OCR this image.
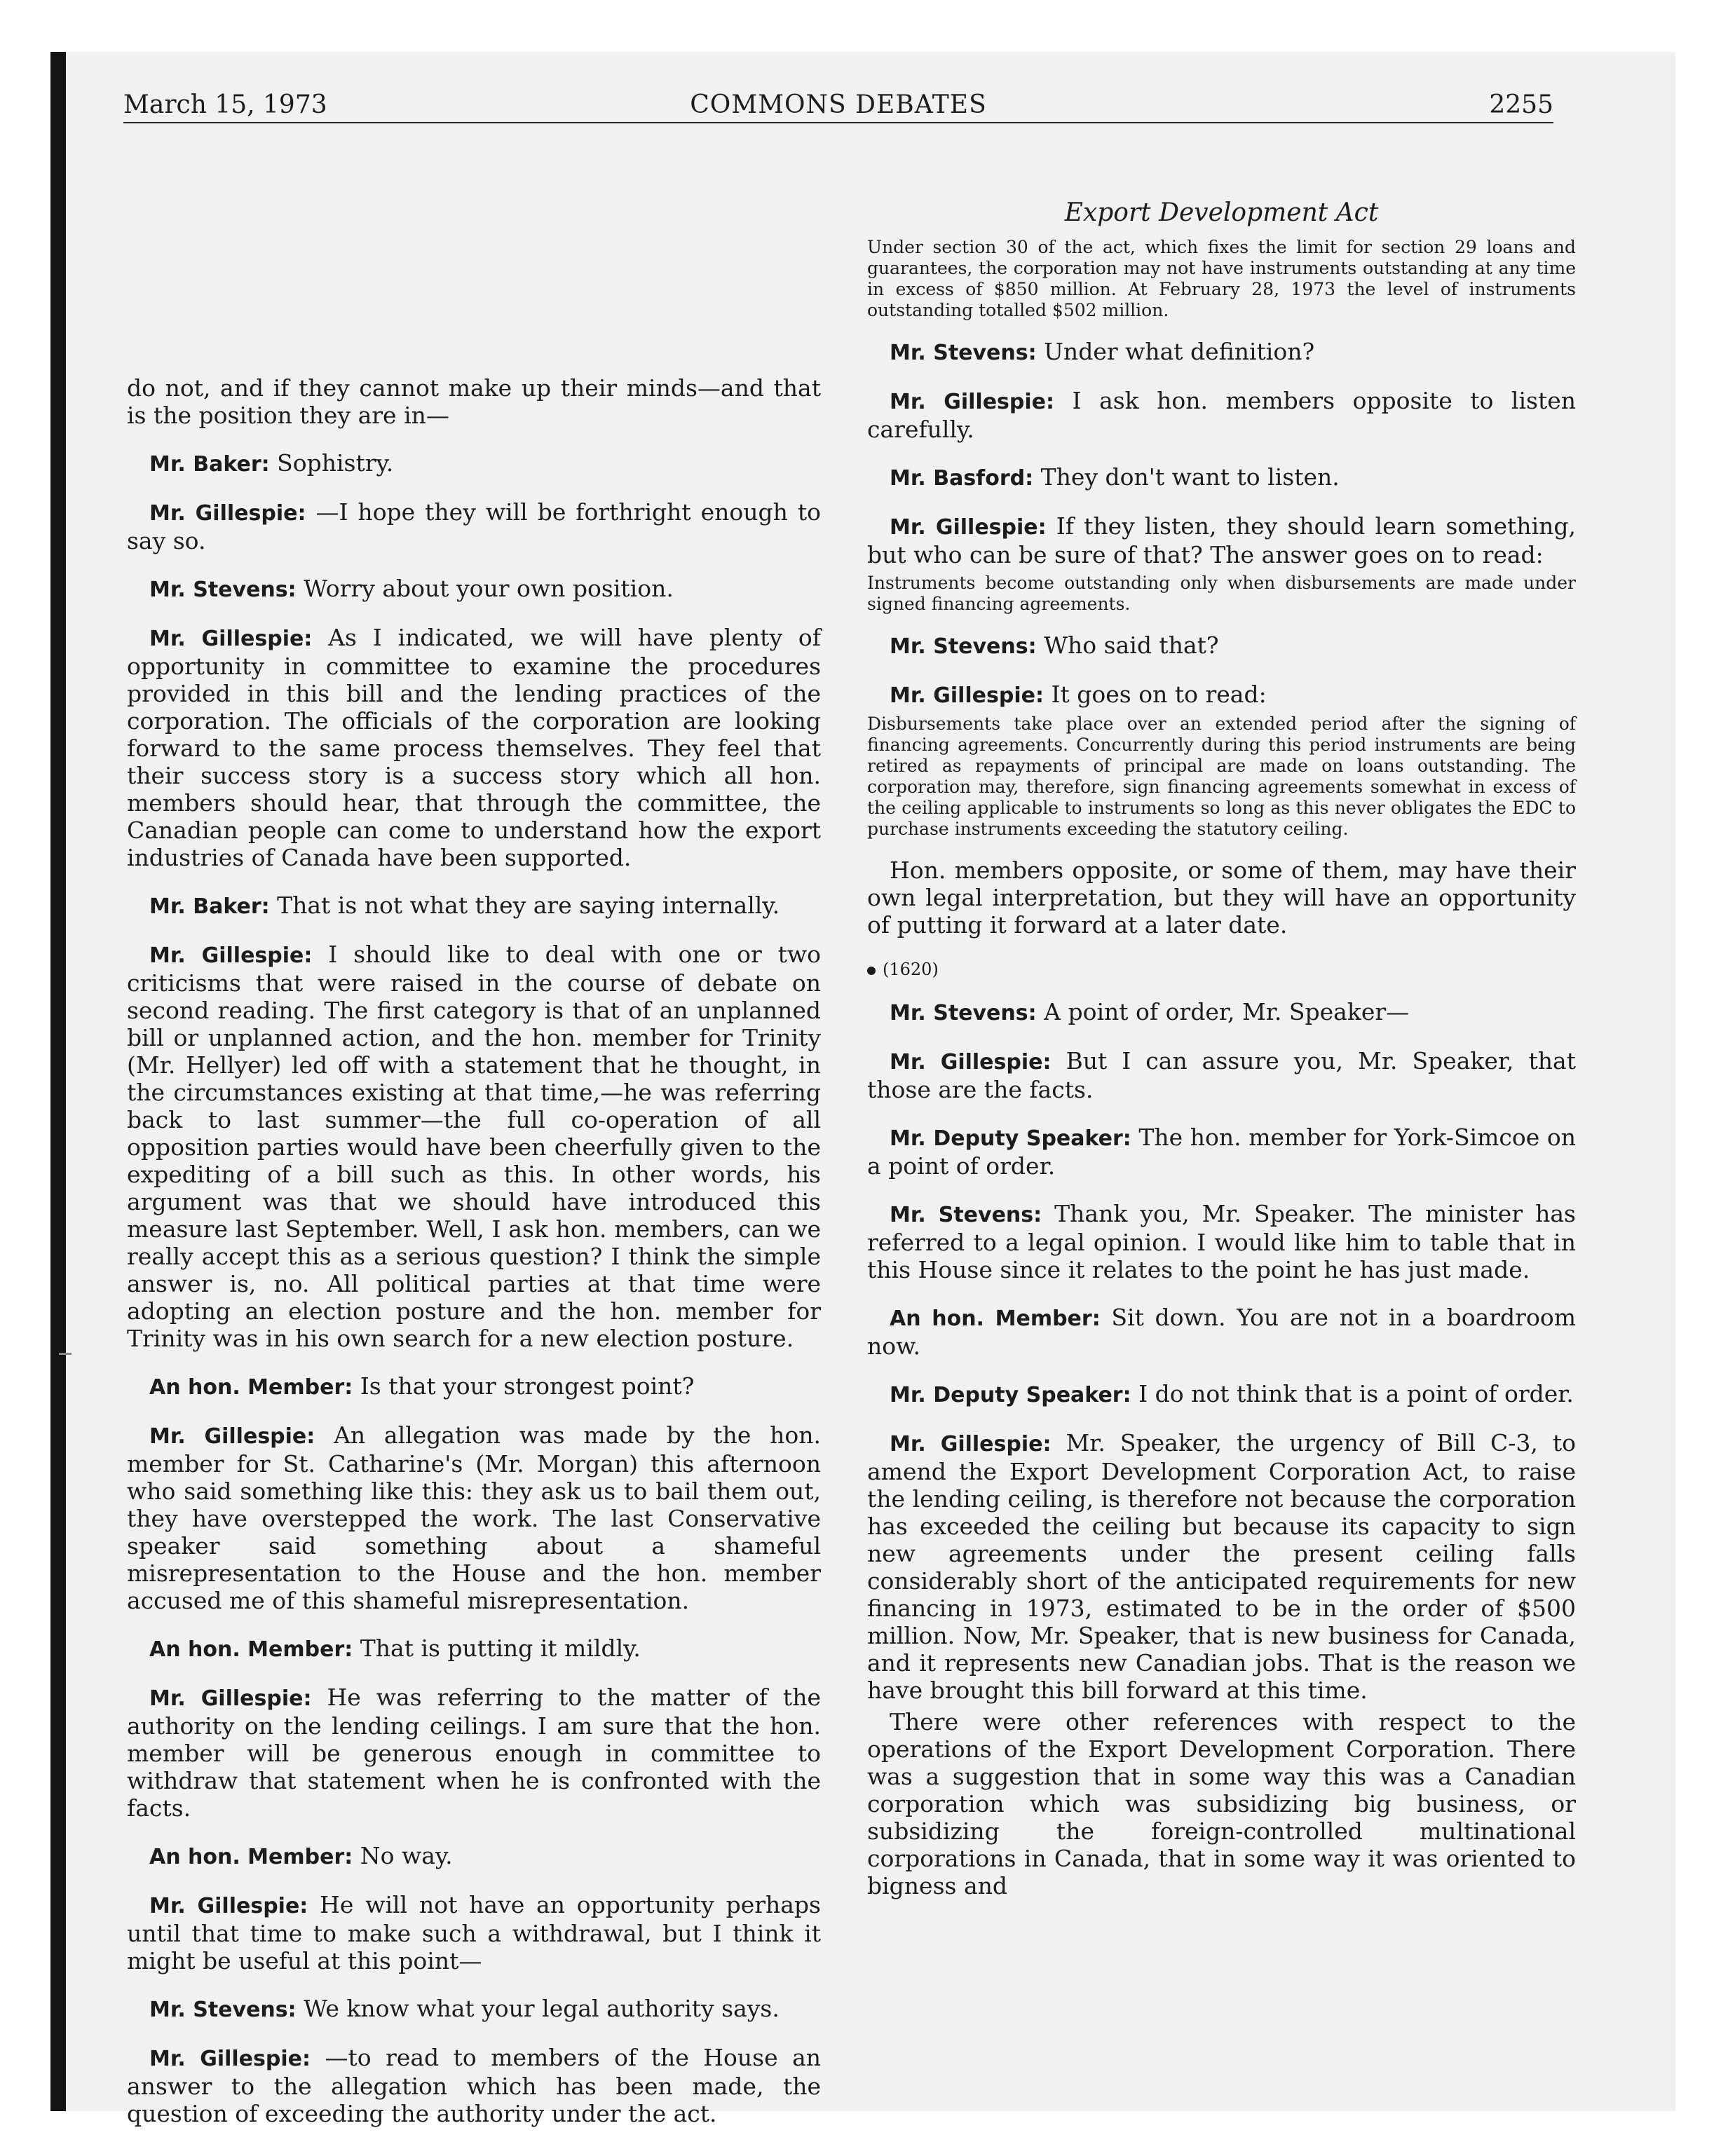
March 15, 1973	COMMONS DEBATES	2255

do not, and if they cannot make up their minds—and that is the position they are in—

Mr. Baker: Sophistry.

Mr. Gillespie: —I hope they will be forthright enough to say so.

Mr. Stevens: Worry about your own position.

Mr. Gillespie: As I indicated, we will have plenty of opportunity in committee to examine the procedures provided in this bill and the lending practices of the corporation. The officials of the corporation are looking forward to the same process themselves. They feel that their success story is a success story which all hon. members should hear, that through the committee, the Canadian people can come to understand how the export industries of Canada have been supported.

Mr. Baker: That is not what they are saying internally.

Mr. Gillespie: I should like to deal with one or two criticisms that were raised in the course of debate on second reading. The first category is that of an unplanned bill or unplanned action, and the hon. member for Trinity (Mr. Hellyer) led off with a statement that he thought, in the circumstances existing at that time,—he was referring back to last summer—the full co-operation of all opposition parties would have been cheerfully given to the expediting of a bill such as this. In other words, his argument was that we should have introduced this measure last September. Well, I ask hon. members, can we really accept this as a serious question? I think the simple answer is, no. All political parties at that time were adopting an election posture and the hon. member for Trinity was in his own search for a new election posture.

An hon. Member: Is that your strongest point?

Mr. Gillespie: An allegation was made by the hon. member for St. Catharine's (Mr. Morgan) this afternoon who said something like this: they ask us to bail them out, they have overstepped the work. The last Conservative speaker said something about a shameful misrepresentation to the House and the hon. member accused me of this shameful misrepresentation.

An hon. Member: That is putting it mildly.

Mr. Gillespie: He was referring to the matter of the authority on the lending ceilings. I am sure that the hon. member will be generous enough in committee to withdraw that statement when he is confronted with the facts.

An hon. Member: No way.

Mr. Gillespie: He will not have an opportunity perhaps until that time to make such a withdrawal, but I think it might be useful at this point—

Mr. Stevens: We know what your legal authority says.

Mr. Gillespie: —to read to members of the House an answer to the allegation which has been made, the question of exceeding the authority under the act.

Export Development Act
Under section 30 of the act, which fixes the limit for section 29 loans and guarantees, the corporation may not have instruments outstanding at any time in excess of $850 million. At February 28, 1973 the level of instruments outstanding totalled $502 million.

Mr. Stevens: Under what definition?

Mr. Gillespie: I ask hon. members opposite to listen carefully.

Mr. Basford: They don't want to listen.

Mr. Gillespie: If they listen, they should learn something, but who can be sure of that? The answer goes on to read:

Instruments become outstanding only when disbursements are made under signed financing agreements.

Mr. Stevens: Who said that?

Mr. Gillespie: It goes on to read:

Disbursements take place over an extended period after the signing of financing agreements. Concurrently during this period instruments are being retired as repayments of principal are made on loans outstanding. The corporation may, therefore, sign financing agreements somewhat in excess of the ceiling applicable to instruments so long as this never obligates the EDC to purchase instruments exceeding the statutory ceiling.

Hon. members opposite, or some of them, may have their own legal interpretation, but they will have an opportunity of putting it forward at a later date.

(1620)

Mr. Stevens: A point of order, Mr. Speaker—

Mr. Gillespie: But I can assure you, Mr. Speaker, that those are the facts.

Mr. Deputy Speaker: The hon. member for York-Simcoe on a point of order.

Mr. Stevens: Thank you, Mr. Speaker. The minister has referred to a legal opinion. I would like him to table that in this House since it relates to the point he has just made.

An hon. Member: Sit down. You are not in a boardroom now.

Mr. Deputy Speaker: I do not think that is a point of order.

Mr. Gillespie: Mr. Speaker, the urgency of Bill C-3, to amend the Export Development Corporation Act, to raise the lending ceiling, is therefore not because the corporation has exceeded the ceiling but because its capacity to sign new agreements under the present ceiling falls considerably short of the anticipated requirements for new financing in 1973, estimated to be in the order of $500 million. Now, Mr. Speaker, that is new business for Canada, and it represents new Canadian jobs. That is the reason we have brought this bill forward at this time.

There were other references with respect to the operations of the Export Development Corporation. There was a suggestion that in some way this was a Canadian corporation which was subsidizing big business, or subsidizing the foreign-controlled multinational corporations in Canada, that in some way it was oriented to bigness and
